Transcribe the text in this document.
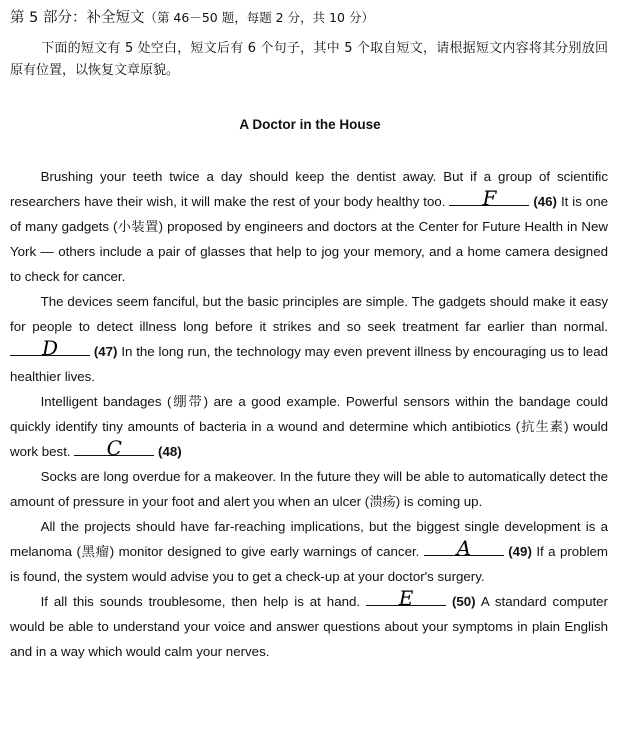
第 5 部分：补全短文（第 46－50 题，每题 2 分，共 10 分）
下面的短文有 5 处空白，短文后有 6 个句子，其中 5 个取自短文，请根据短文内容将其分别放回原有位置，以恢复文章原貌。
A Doctor in the House

Brushing your teeth twice a day should keep the dentist away. But if a group of scientific researchers have their wish, it will make the rest of your body healthy too.	F	(46) It is one of many gadgets (小装置) proposed by engineers and doctors at the Center for Future Health in New York — others include a pair of glasses that help to jog your memory, and a home camera designed to check for cancer.

The devices seem fanciful, but the basic principles are simple. The gadgets should make it easy for people to detect illness long before it strikes and so seek treatment far earlier than normal.
D	(47) In the long run, the technology may even prevent illness by encouraging us to lead healthier lives.

Intelligent bandages (绷带) are a good example. Powerful sensors within the bandage could quickly identify tiny amounts of bacteria in a wound and determine which antibiotics (抗生素) would work best.	C	(48)

Socks are long overdue for a makeover. In the future they will be able to automatically detect the amount of pressure in your foot and alert you when an ulcer (溃疡) is coming up.

All the projects should have far-reaching implications, but the biggest single development is a melanoma (黑瘤) monitor designed to give early warnings of cancer.	A	(49) If a problem is found, the system would advise you to get a check-up at your doctor's surgery.

If all this sounds troublesome, then help is at hand.	E	(50) A standard computer would be able to understand your voice and answer questions about your symptoms in plain English and in a way which would calm your nerves.
